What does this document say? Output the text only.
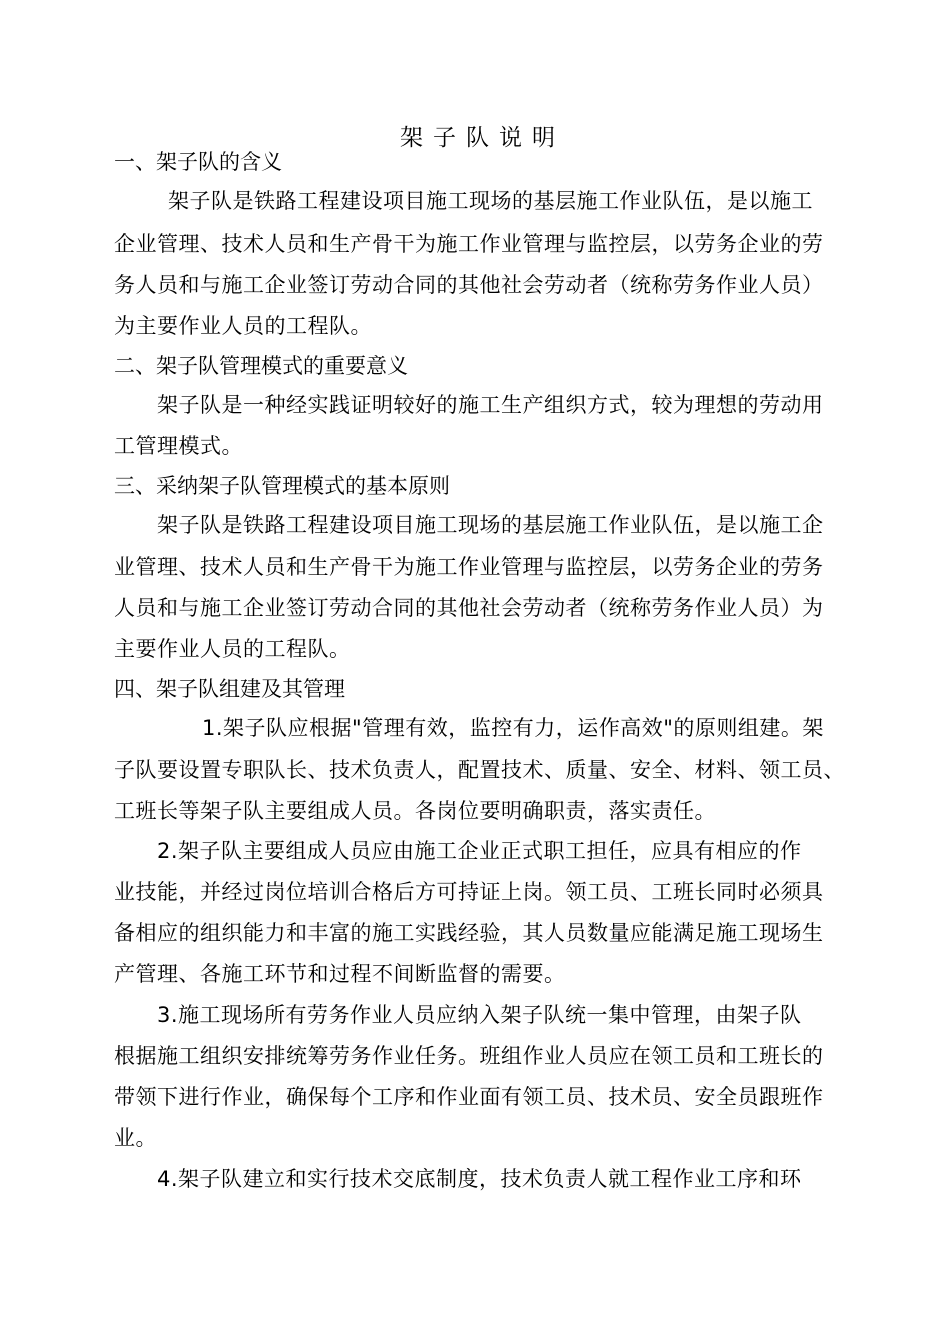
架子队说明
一、架子队的含义
架子队是铁路工程建设项目施工现场的基层施工作业队伍，是以施工
企业管理、技术人员和生产骨干为施工作业管理与监控层，以劳务企业的劳
务人员和与施工企业签订劳动合同的其他社会劳动者（统称劳务作业人员）
为主要作业人员的工程队。
二、架子队管理模式的重要意义
架子队是一种经实践证明较好的施工生产组织方式，较为理想的劳动用
工管理模式。
三、采纳架子队管理模式的基本原则
架子队是铁路工程建设项目施工现场的基层施工作业队伍，是以施工企
业管理、技术人员和生产骨干为施工作业管理与监控层，以劳务企业的劳务
人员和与施工企业签订劳动合同的其他社会劳动者（统称劳务作业人员）为
主要作业人员的工程队。
四、架子队组建及其管理
1.架子队应根据"管理有效，监控有力，运作高效"的原则组建。架
子队要设置专职队长、技术负责人，配置技术、质量、安全、材料、领工员、
工班长等架子队主要组成人员。各岗位要明确职责，落实责任。
2.架子队主要组成人员应由施工企业正式职工担任，应具有相应的作
业技能，并经过岗位培训合格后方可持证上岗。领工员、工班长同时必须具
备相应的组织能力和丰富的施工实践经验，其人员数量应能满足施工现场生
产管理、各施工环节和过程不间断监督的需要。
3.施工现场所有劳务作业人员应纳入架子队统一集中管理，由架子队
根据施工组织安排统筹劳务作业任务。班组作业人员应在领工员和工班长的
带领下进行作业，确保每个工序和作业面有领工员、技术员、安全员跟班作
业。
4.架子队建立和实行技术交底制度，技术负责人就工程作业工序和环
